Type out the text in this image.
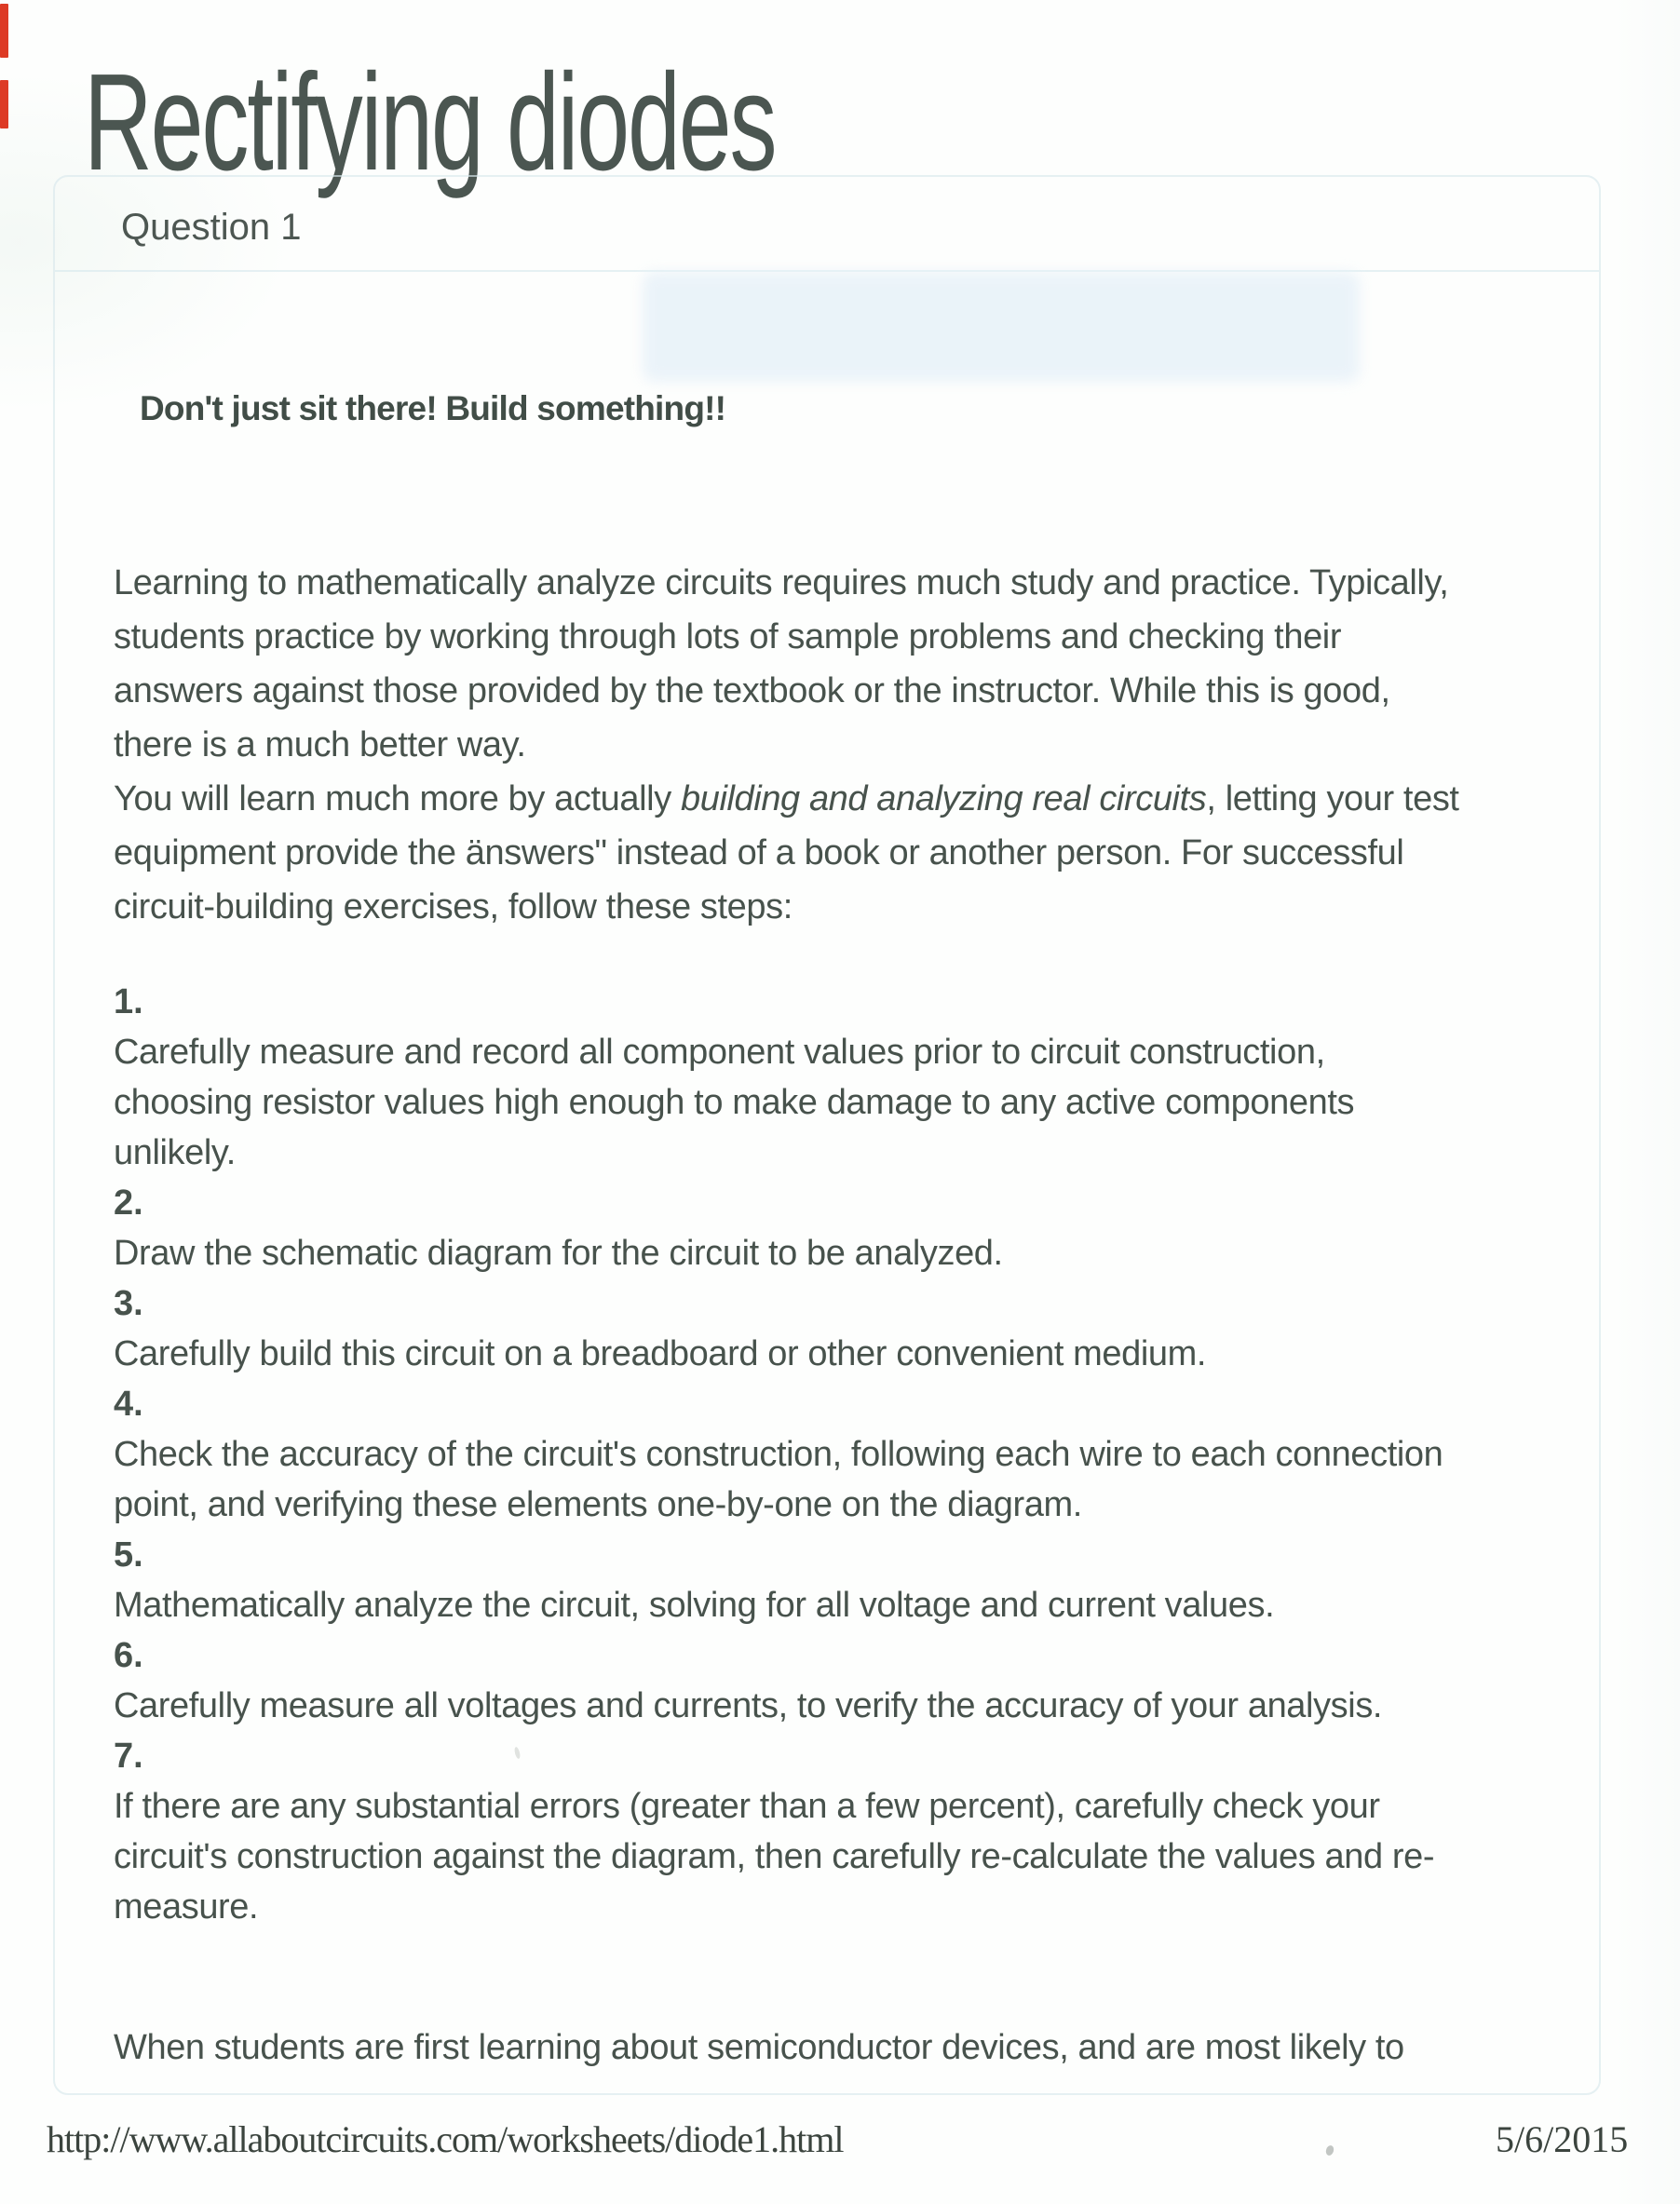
Rectifying diodes
Question 1
Don't just sit there! Build something!!
Learning to mathematically analyze circuits requires much study and practice. Typically,
students practice by working through lots of sample problems and checking their
answers against those provided by the textbook or the instructor. While this is good,
there is a much better way.
You will learn much more by actually building and analyzing real circuits, letting your test
equipment provide the änswers" instead of a book or another person. For successful
circuit-building exercises, follow these steps:
1.
Carefully measure and record all component values prior to circuit construction,
choosing resistor values high enough to make damage to any active components
unlikely.
2.
Draw the schematic diagram for the circuit to be analyzed.
3.
Carefully build this circuit on a breadboard or other convenient medium.
4.
Check the accuracy of the circuit's construction, following each wire to each connection
point, and verifying these elements one-by-one on the diagram.
5.
Mathematically analyze the circuit, solving for all voltage and current values.
6.
Carefully measure all voltages and currents, to verify the accuracy of your analysis.
7.
If there are any substantial errors (greater than a few percent), carefully check your
circuit's construction against the diagram, then carefully re-calculate the values and re-
measure.
When students are first learning about semiconductor devices, and are most likely to
http://www.allaboutcircuits.com/worksheets/diode1.html	5/6/2015
